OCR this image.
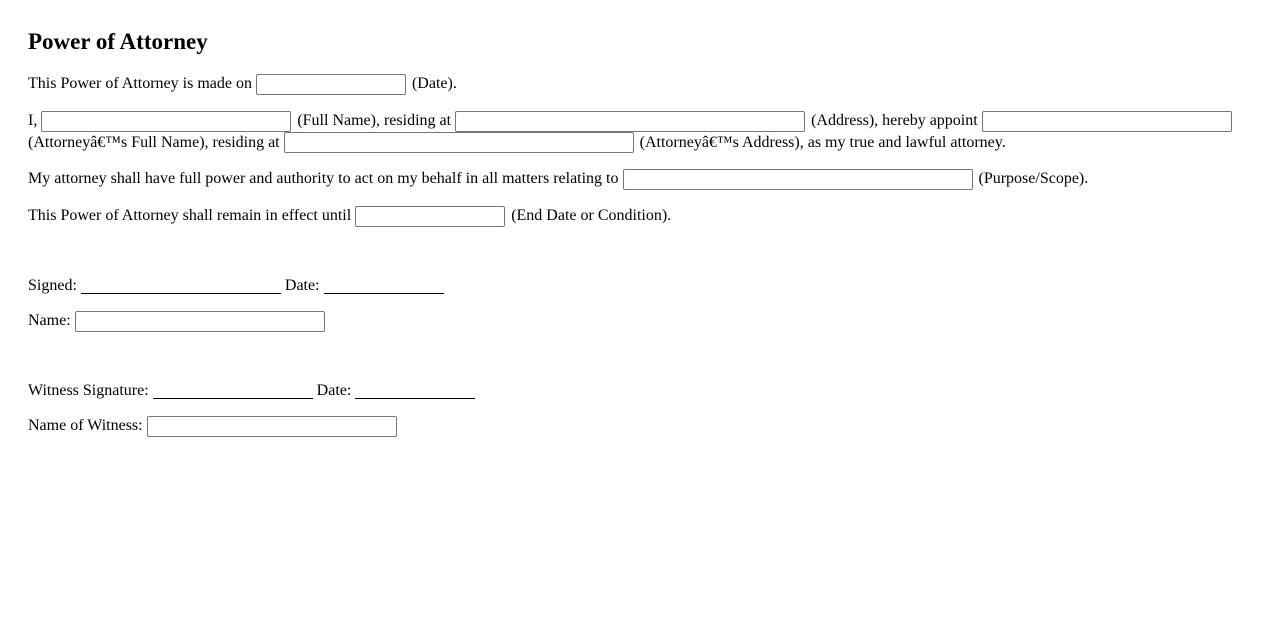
Power of Attorney

This Power of Attorney is made on	(Date).

I,	(Full Name), residing at	(Address), hereby appoint
(Attorneyâ€™s Full Name), residing at	(Attorneyâ€™s Address), as my true and lawful attorney.

My attorney shall have full power and authority to act on my behalf in all matters relating to	(Purpose/Scope).

This Power of Attorney shall remain in effect until	(End Date or Condition).

Signed:	Date:

Name:

Witness Signature:	Date:

Name of Witness:
